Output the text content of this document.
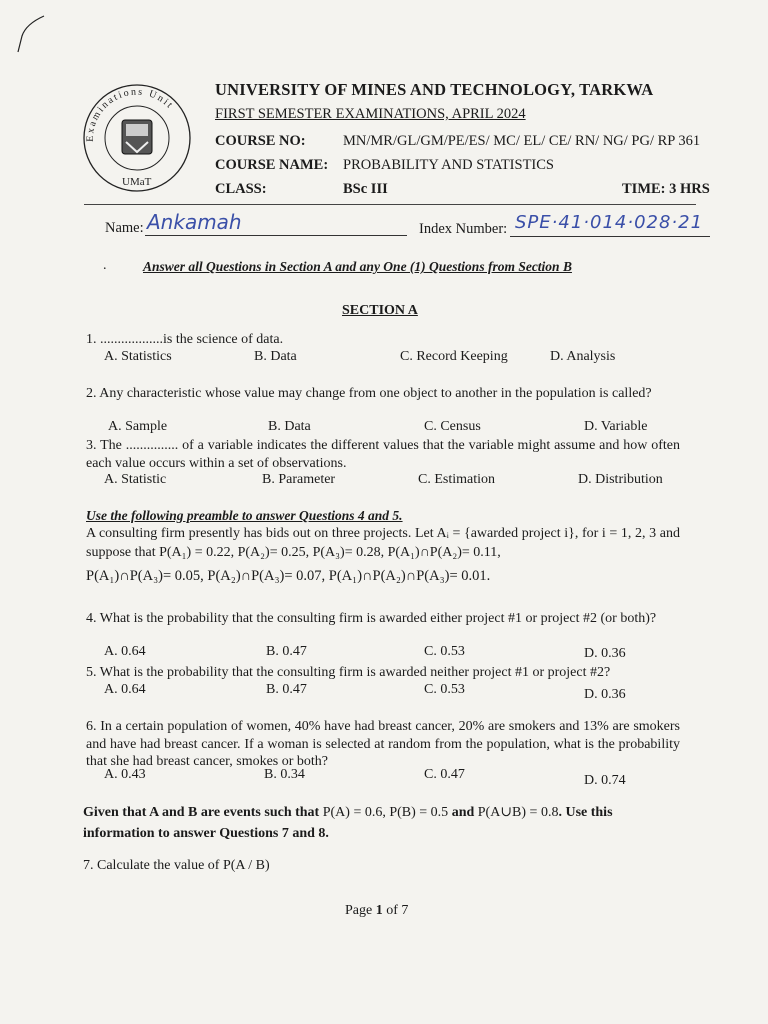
Examinations Unit
UMaT
UNIVERSITY OF MINES AND TECHNOLOGY, TARKWA
FIRST SEMESTER EXAMINATIONS, APRIL 2024
COURSE NO:	MN/MR/GL/GM/PE/ES/ MC/ EL/ CE/ RN/ NG/ PG/ RP 361
COURSE NAME: PROBABILITY AND STATISTICS
CLASS:	BSc III	TIME: 3 HRS
Name: Ankamah	Index Number: SPE·41·014·028·21
.	Answer all Questions in Section A and any One (1) Questions from Section B
SECTION A
1. ..................is the science of data.
A. Statistics	B. Data	C. Record Keeping	D. Analysis
2. Any characteristic whose value may change from one object to another in the population is called?
A. Sample	B. Data	C. Census	D. Variable
3. The ............... of a variable indicates the different values that the variable might assume and how often each value occurs within a set of observations.
A. Statistic	B. Parameter	C. Estimation	D. Distribution
Use the following preamble to answer Questions 4 and 5.
A consulting firm presently has bids out on three projects. Let Aᵢ = {awarded project i}, for i = 1, 2, 3 and suppose that P(A₁) = 0.22, P(A₂)= 0.25, P(A₃)= 0.28, P(A₁)∩P(A₂)= 0.11,
P(A₁)∩P(A₃)= 0.05, P(A₂)∩P(A₃)= 0.07, P(A₁)∩P(A₂)∩P(A₃)= 0.01.
4. What is the probability that the consulting firm is awarded either project #1 or project #2 (or both)?
A. 0.64	B. 0.47	C. 0.53	D. 0.36
5. What is the probability that the consulting firm is awarded neither project #1 or project #2?
A. 0.64	B. 0.47	C. 0.53	D. 0.36
6. In a certain population of women, 40% have had breast cancer, 20% are smokers and 13% are smokers and have had breast cancer. If a woman is selected at random from the population, what is the probability that she had breast cancer, smokes or both?
A. 0.43	B. 0.34	C. 0.47	D. 0.74
Given that A and B are events such that P(A) = 0.6, P(B) = 0.5 and P(A∪B) = 0.8. Use this information to answer Questions 7 and 8.
7. Calculate the value of P(A / B)
Page 1 of 7
